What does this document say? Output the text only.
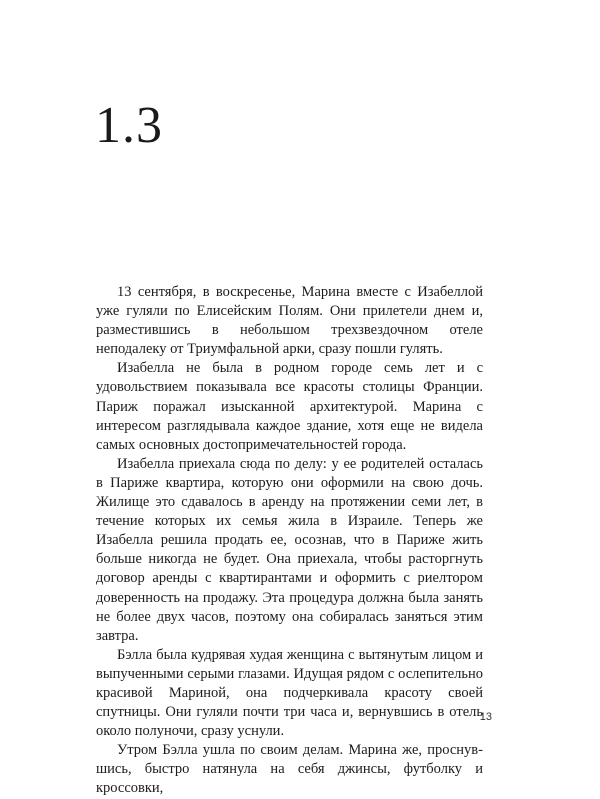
1.3

13 сентября, в воскресенье, Марина вместе с Изабеллой уже гуляли по Елисейским Полям. Они прилетели днем и, разместившись в небольшом трехзвездочном отеле неподалеку от Триумфальной арки, сразу пошли гулять.

Изабелла не была в родном городе семь лет и с удовольствием показывала все красоты столицы Франции. Париж поражал изысканной архитектурой. Марина с интересом разглядывала каждое здание, хотя еще не видела самых основных достопримечательностей города.

Изабелла приехала сюда по делу: у ее родителей осталась в Париже квартира, которую они оформили на свою дочь. Жилище это сдавалось в аренду на протяжении семи лет, в течение которых их семья жила в Израиле. Теперь же Изабелла решила продать ее, осознав, что в Париже жить больше никогда не будет. Она приехала, чтобы расторгнуть договор аренды с квартирантами и оформить с риелтором доверенность на продажу. Эта процедура должна была занять не более двух часов, поэтому она собиралась заняться этим завтра.

Бэлла была кудрявая худая женщина с вытянутым лицом и выпученными серыми глазами. Идущая рядом с ослепительно красивой Мариной, она подчеркивала красоту своей спутницы. Они гуляли почти три часа и, вернувшись в отель около полуночи, сразу уснули.

Утром Бэлла ушла по своим делам. Марина же, проснувшись, быстро натянула на себя джинсы, футболку и кроссовки,

13
